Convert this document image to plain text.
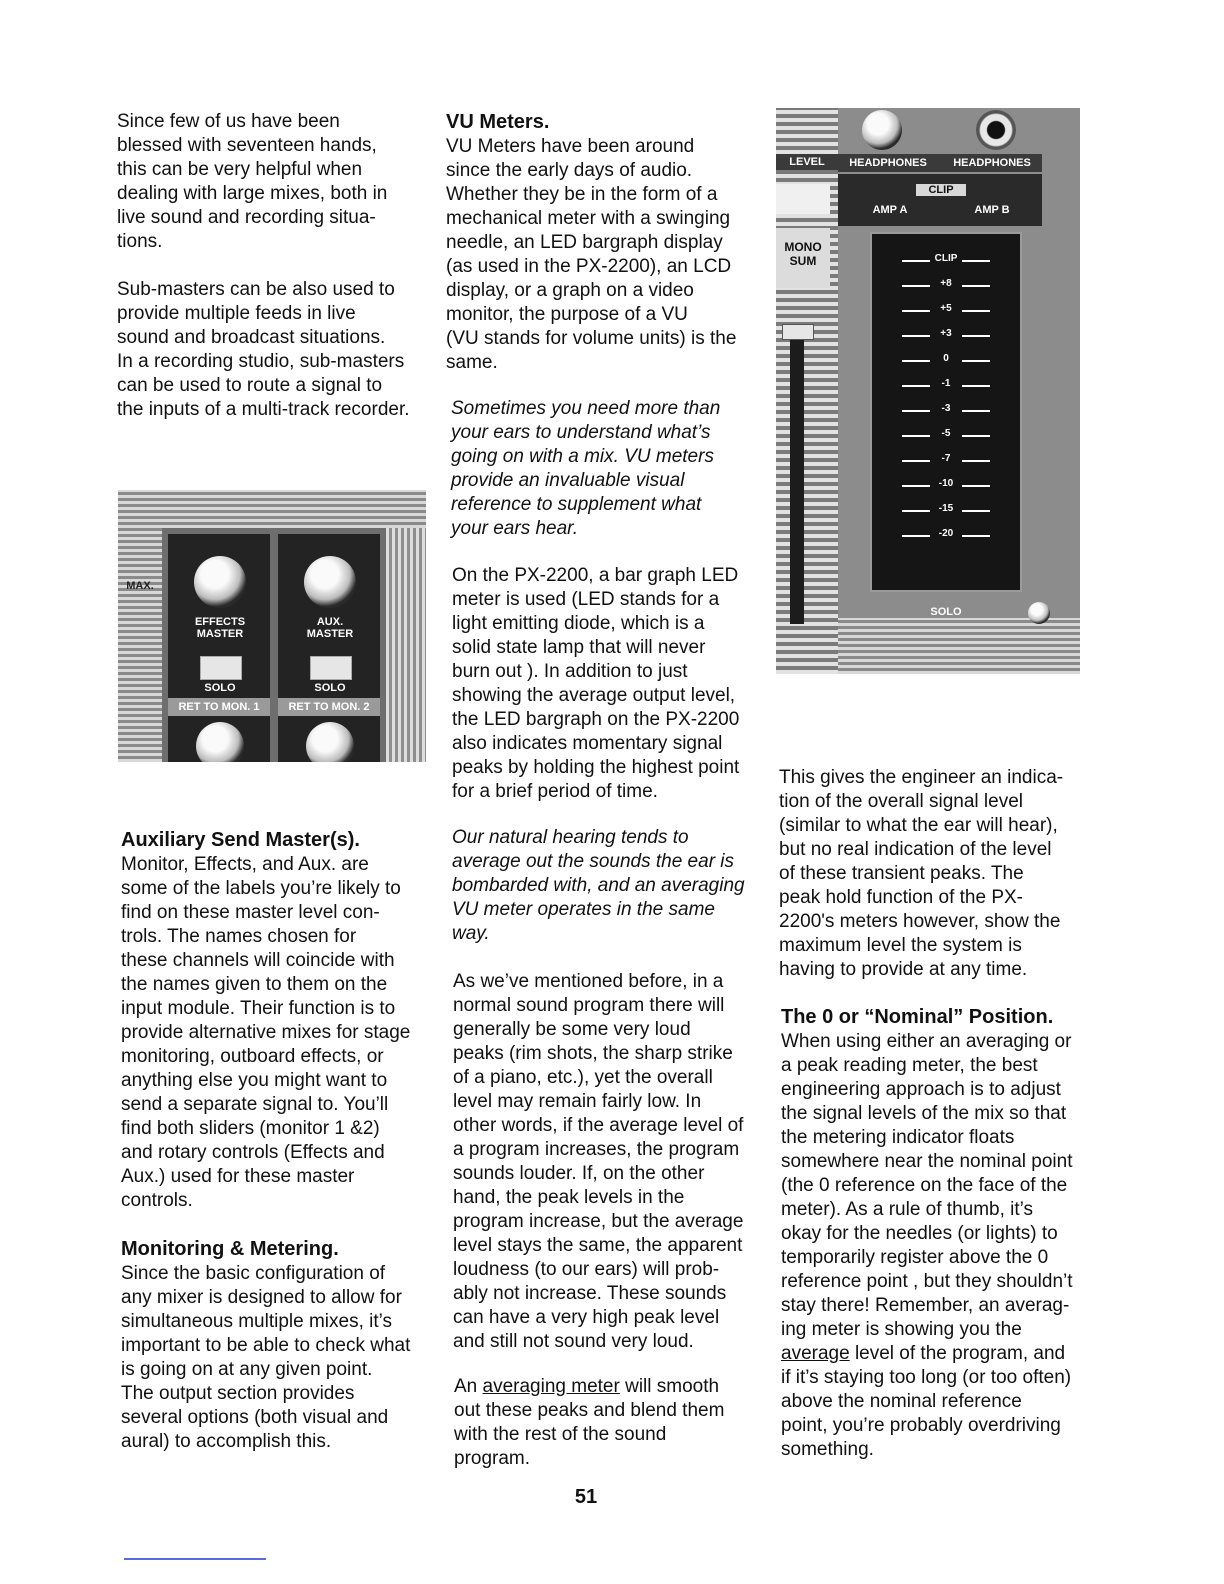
Since few of us have been

blessed with seventeen hands,

this can be very helpful when

dealing with large mixes, both in

live sound and recording situa-

tions.

Sub-masters can be also used to

provide multiple feeds in live

sound and broadcast situations.

In a recording studio, sub-masters

can be used to route a signal to

the inputs of a multi-track recorder.

EFFECTS
MASTER
AUX.
MASTER
SOLO	SOLO
RET TO MON. 1	RET TO MON. 2
MAX.
Auxiliary Send Master(s).

Monitor, Effects, and Aux. are

some of the labels you’re likely to

find on these master level con-

trols. The names chosen for

these channels will coincide with

the names given to them on the

input module. Their function is to

provide alternative mixes for stage

monitoring, outboard effects, or

anything else you might want to

send a separate signal to. You’ll

find both sliders (monitor 1 &2)

and rotary controls (Effects and

Aux.) used for these master

controls.

Monitoring & Metering.

Since the basic configuration of

any mixer is designed to allow for

simultaneous multiple mixes, it’s

important to be able to check what

is going on at any given point.

The output section provides

several options (both visual and

aural) to accomplish this.

VU Meters.

VU Meters have been around

since the early days of audio.

Whether they be in the form of a

mechanical meter with a swinging

needle, an LED bargraph display

(as used in the PX-2200), an LCD

display, or a graph on a video

monitor, the purpose of a VU

(VU stands for volume units) is the

same.

Sometimes you need more than

your ears to understand what’s

going on with a mix. VU meters

provide an invaluable visual

reference to supplement what

your ears hear.

On the PX-2200, a bar graph LED

meter is used (LED stands for a

light emitting diode, which is a

solid state lamp that will never

burn out ). In addition to just

showing the average output level,

the LED bargraph on the PX-2200

also indicates momentary signal

peaks by holding the highest point

for a brief period of time.

Our natural hearing tends to

average out the sounds the ear is

bombarded with, and an averaging

VU meter operates in the same

way.

As we’ve mentioned before, in a

normal sound program there will

generally be some very loud

peaks (rim shots, the sharp strike

of a piano, etc.), yet the overall

level may remain fairly low. In

other words, if the average level of

a program increases, the program

sounds louder. If, on the other

hand, the peak levels in the

program increase, but the average

level stays the same, the apparent

loudness (to our ears) will prob-

ably not increase. These sounds

can have a very high peak level

and still not sound very loud.

An averaging meter will smooth

out these peaks and blend them

with the rest of the sound

program.

LEVEL	HEADPHONES	HEADPHONES
CLIP
AMP A	AMP B
MONO SUM
SOLO
CLIP
+8
+5
+3
0
-1
-3
-5
-7
-10
-15
-20

This gives the engineer an indica-

tion of the overall signal level

(similar to what the ear will hear),

but no real indication of the level

of these transient peaks. The

peak hold function of the PX-

2200's meters however, show the

maximum level the system is

having to provide at any time.

The 0 or “Nominal” Position.

When using either an averaging or

a peak reading meter, the best

engineering approach is to adjust

the signal levels of the mix so that

the metering indicator floats

somewhere near the nominal point

(the 0 reference on the face of the

meter). As a rule of thumb, it’s

okay for the needles (or lights) to

temporarily register above the 0

reference point , but they shouldn’t

stay there! Remember, an averag-

ing meter is showing you the

average level of the program, and

if it’s staying too long (or too often)

above the nominal reference

point, you’re probably overdriving

something.

51
